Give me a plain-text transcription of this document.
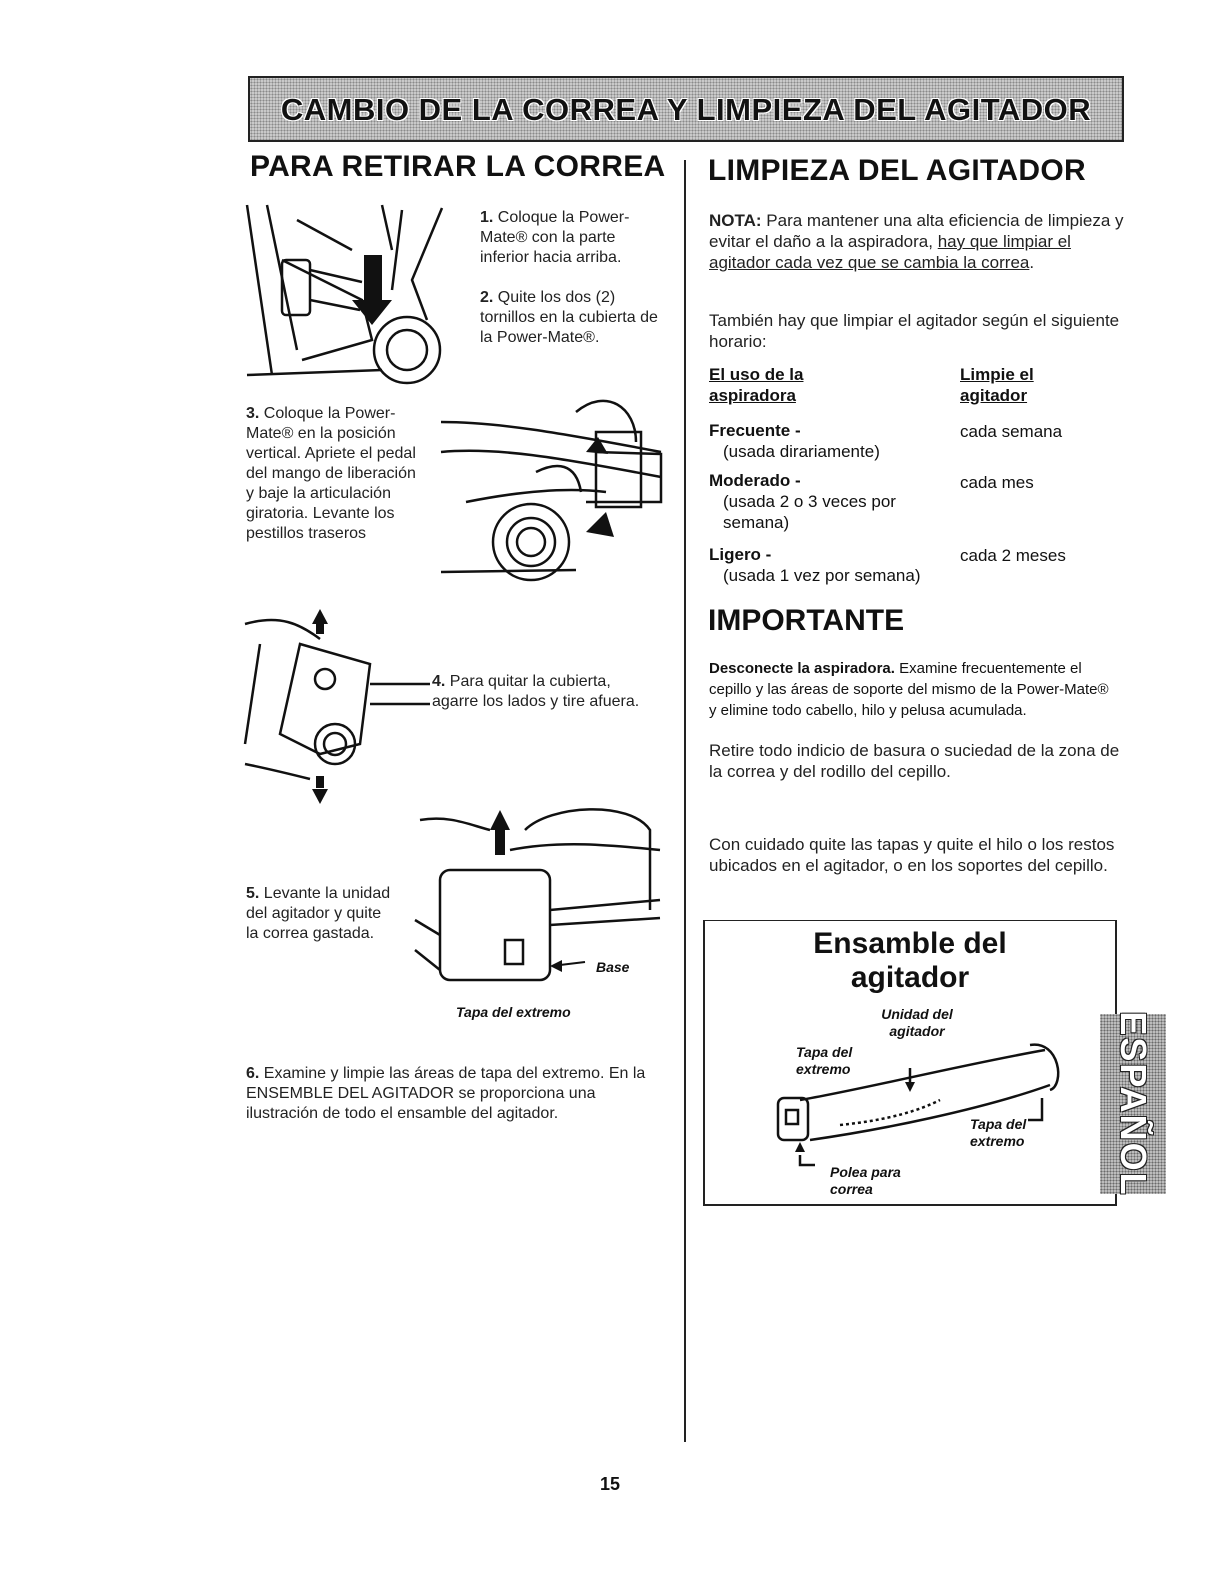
CAMBIO DE LA CORREA Y LIMPIEZA DEL AGITADOR
PARA RETIRAR LA CORREA
1. Coloque la Power-Mate® con la parte inferior hacia arriba.
2. Quite los dos (2) tornillos en la cubierta de la Power-Mate®.
3. Coloque la Power-Mate® en la posición vertical. Apriete el pedal del mango de liberación y baje la articulación giratoria. Levante los pestillos traseros
4. Para quitar la cubierta, agarre los lados y tire afuera.
Base
Tapa del extremo
5. Levante la unidad del agitador y quite la correa gastada.
6. Examine y limpie las áreas de tapa del extremo. En la ENSEMBLE DEL AGITADOR se proporciona una ilustración de todo el ensamble del agitador.
LIMPIEZA DEL AGITADOR
NOTA: Para mantener una alta eficiencia de limpieza y evitar el daño a la aspiradora, hay que limpiar el agitador cada vez que se cambia la correa.
También hay que limpiar el agitador según el siguiente horario:
El uso de la aspiradora
Limpie el agitador
Frecuente -
(usada dirariamente)
cada semana
Moderado -
(usada 2 o 3 veces por semana)
cada mes
Ligero -
(usada 1 vez por semana)
cada 2 meses
IMPORTANTE
Desconecte la aspiradora. Examine frecuentemente el cepillo y las áreas de soporte del mismo de la Power-Mate® y elimine todo cabello, hilo y pelusa acumulada.
Retire todo indicio de basura o suciedad de la zona de la correa y del rodillo del cepillo.
Con cuidado quite las tapas y quite el hilo o los restos ubicados en el agitador, o en los soportes del cepillo.
Ensamble del agitador
Unidad del agitador
Tapa del extremo
Tapa del extremo
Polea para correa	ESPAÑOL
15
